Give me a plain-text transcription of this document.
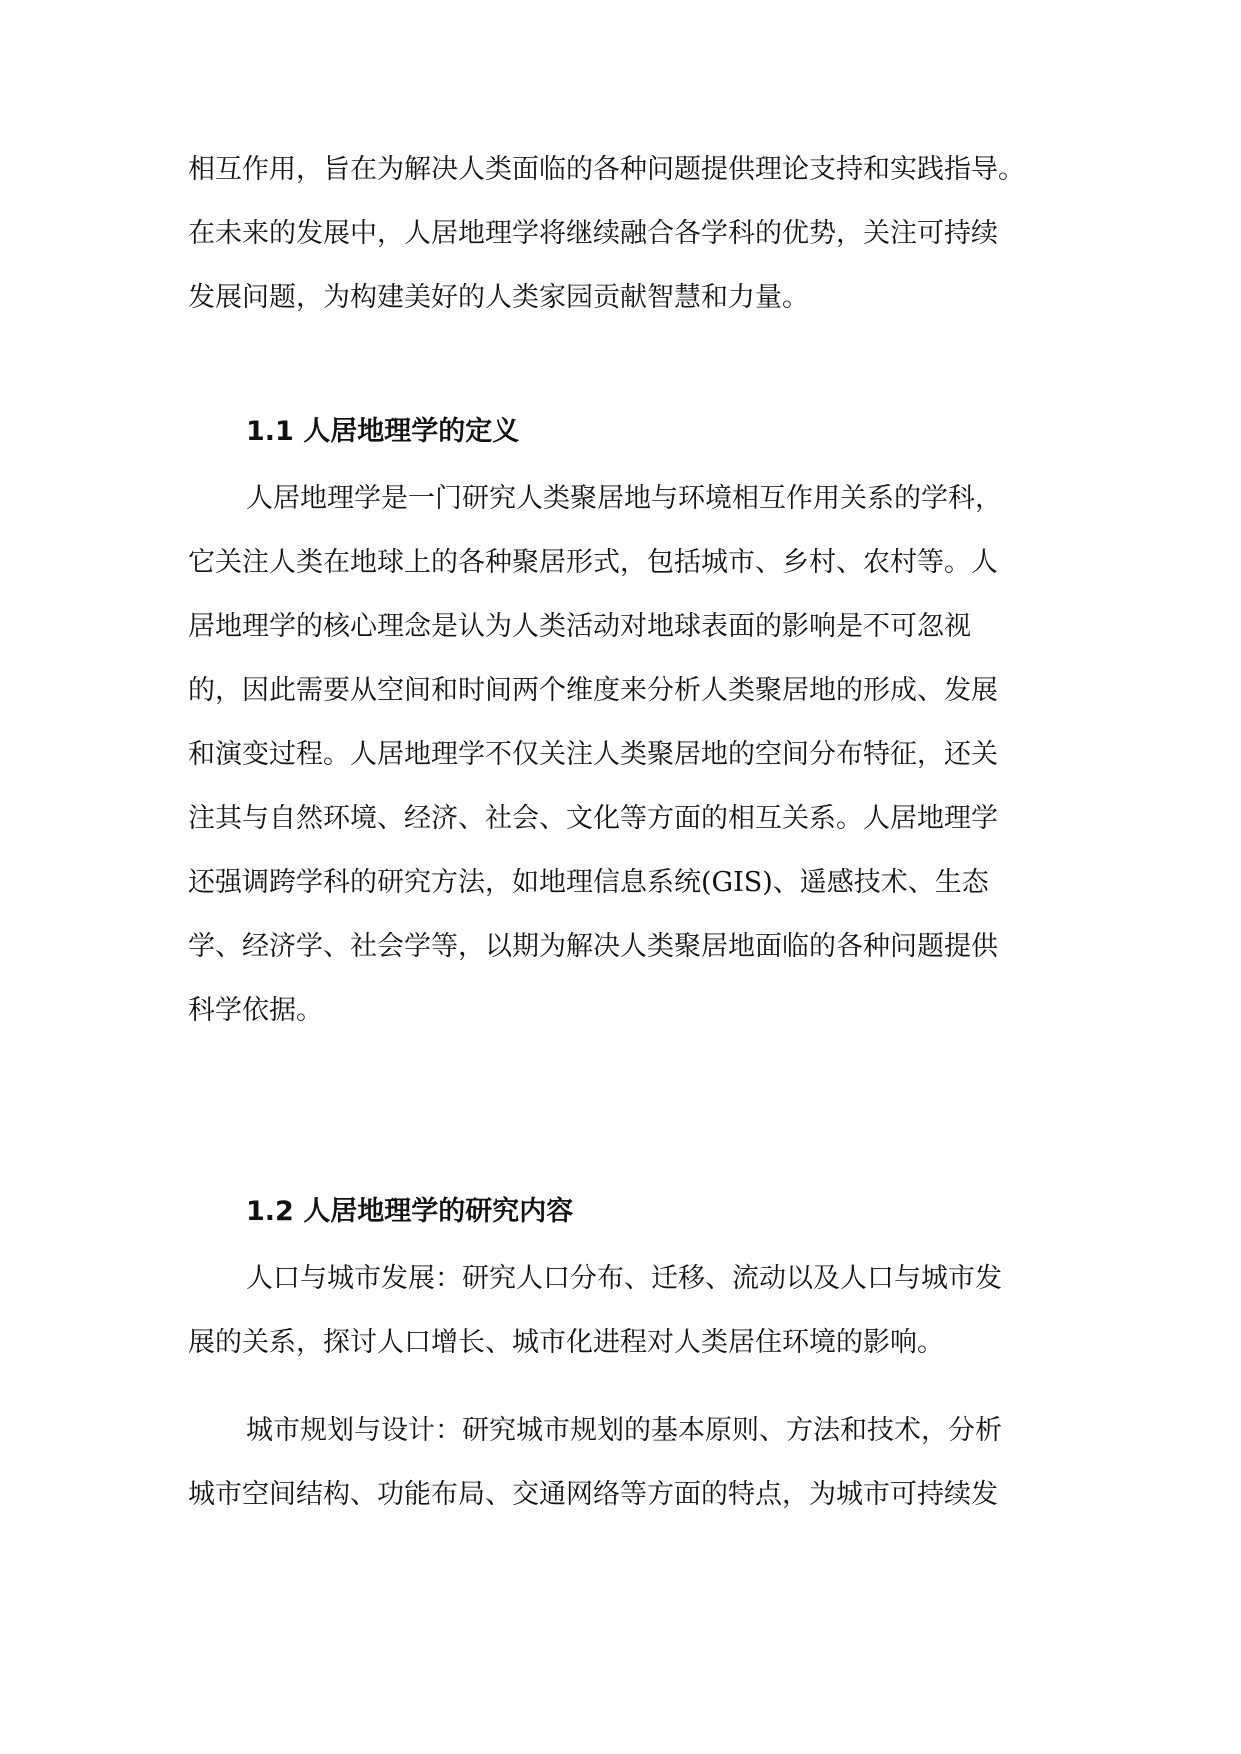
相互作用，旨在为解决人类面临的各种问题提供理论支持和实践指导。
在未来的发展中，人居地理学将继续融合各学科的优势，关注可持续
发展问题，为构建美好的人类家园贡献智慧和力量。
1.1 人居地理学的定义
人居地理学是一门研究人类聚居地与环境相互作用关系的学科，
它关注人类在地球上的各种聚居形式，包括城市、乡村、农村等。人
居地理学的核心理念是认为人类活动对地球表面的影响是不可忽视
的，因此需要从空间和时间两个维度来分析人类聚居地的形成、发展
和演变过程。人居地理学不仅关注人类聚居地的空间分布特征，还关
注其与自然环境、经济、社会、文化等方面的相互关系。人居地理学
还强调跨学科的研究方法，如地理信息系统(GIS)、遥感技术、生态
学、经济学、社会学等，以期为解决人类聚居地面临的各种问题提供
科学依据。
1.2 人居地理学的研究内容
人口与城市发展：研究人口分布、迁移、流动以及人口与城市发
展的关系，探讨人口增长、城市化进程对人类居住环境的影响。
城市规划与设计：研究城市规划的基本原则、方法和技术，分析
城市空间结构、功能布局、交通网络等方面的特点，为城市可持续发
